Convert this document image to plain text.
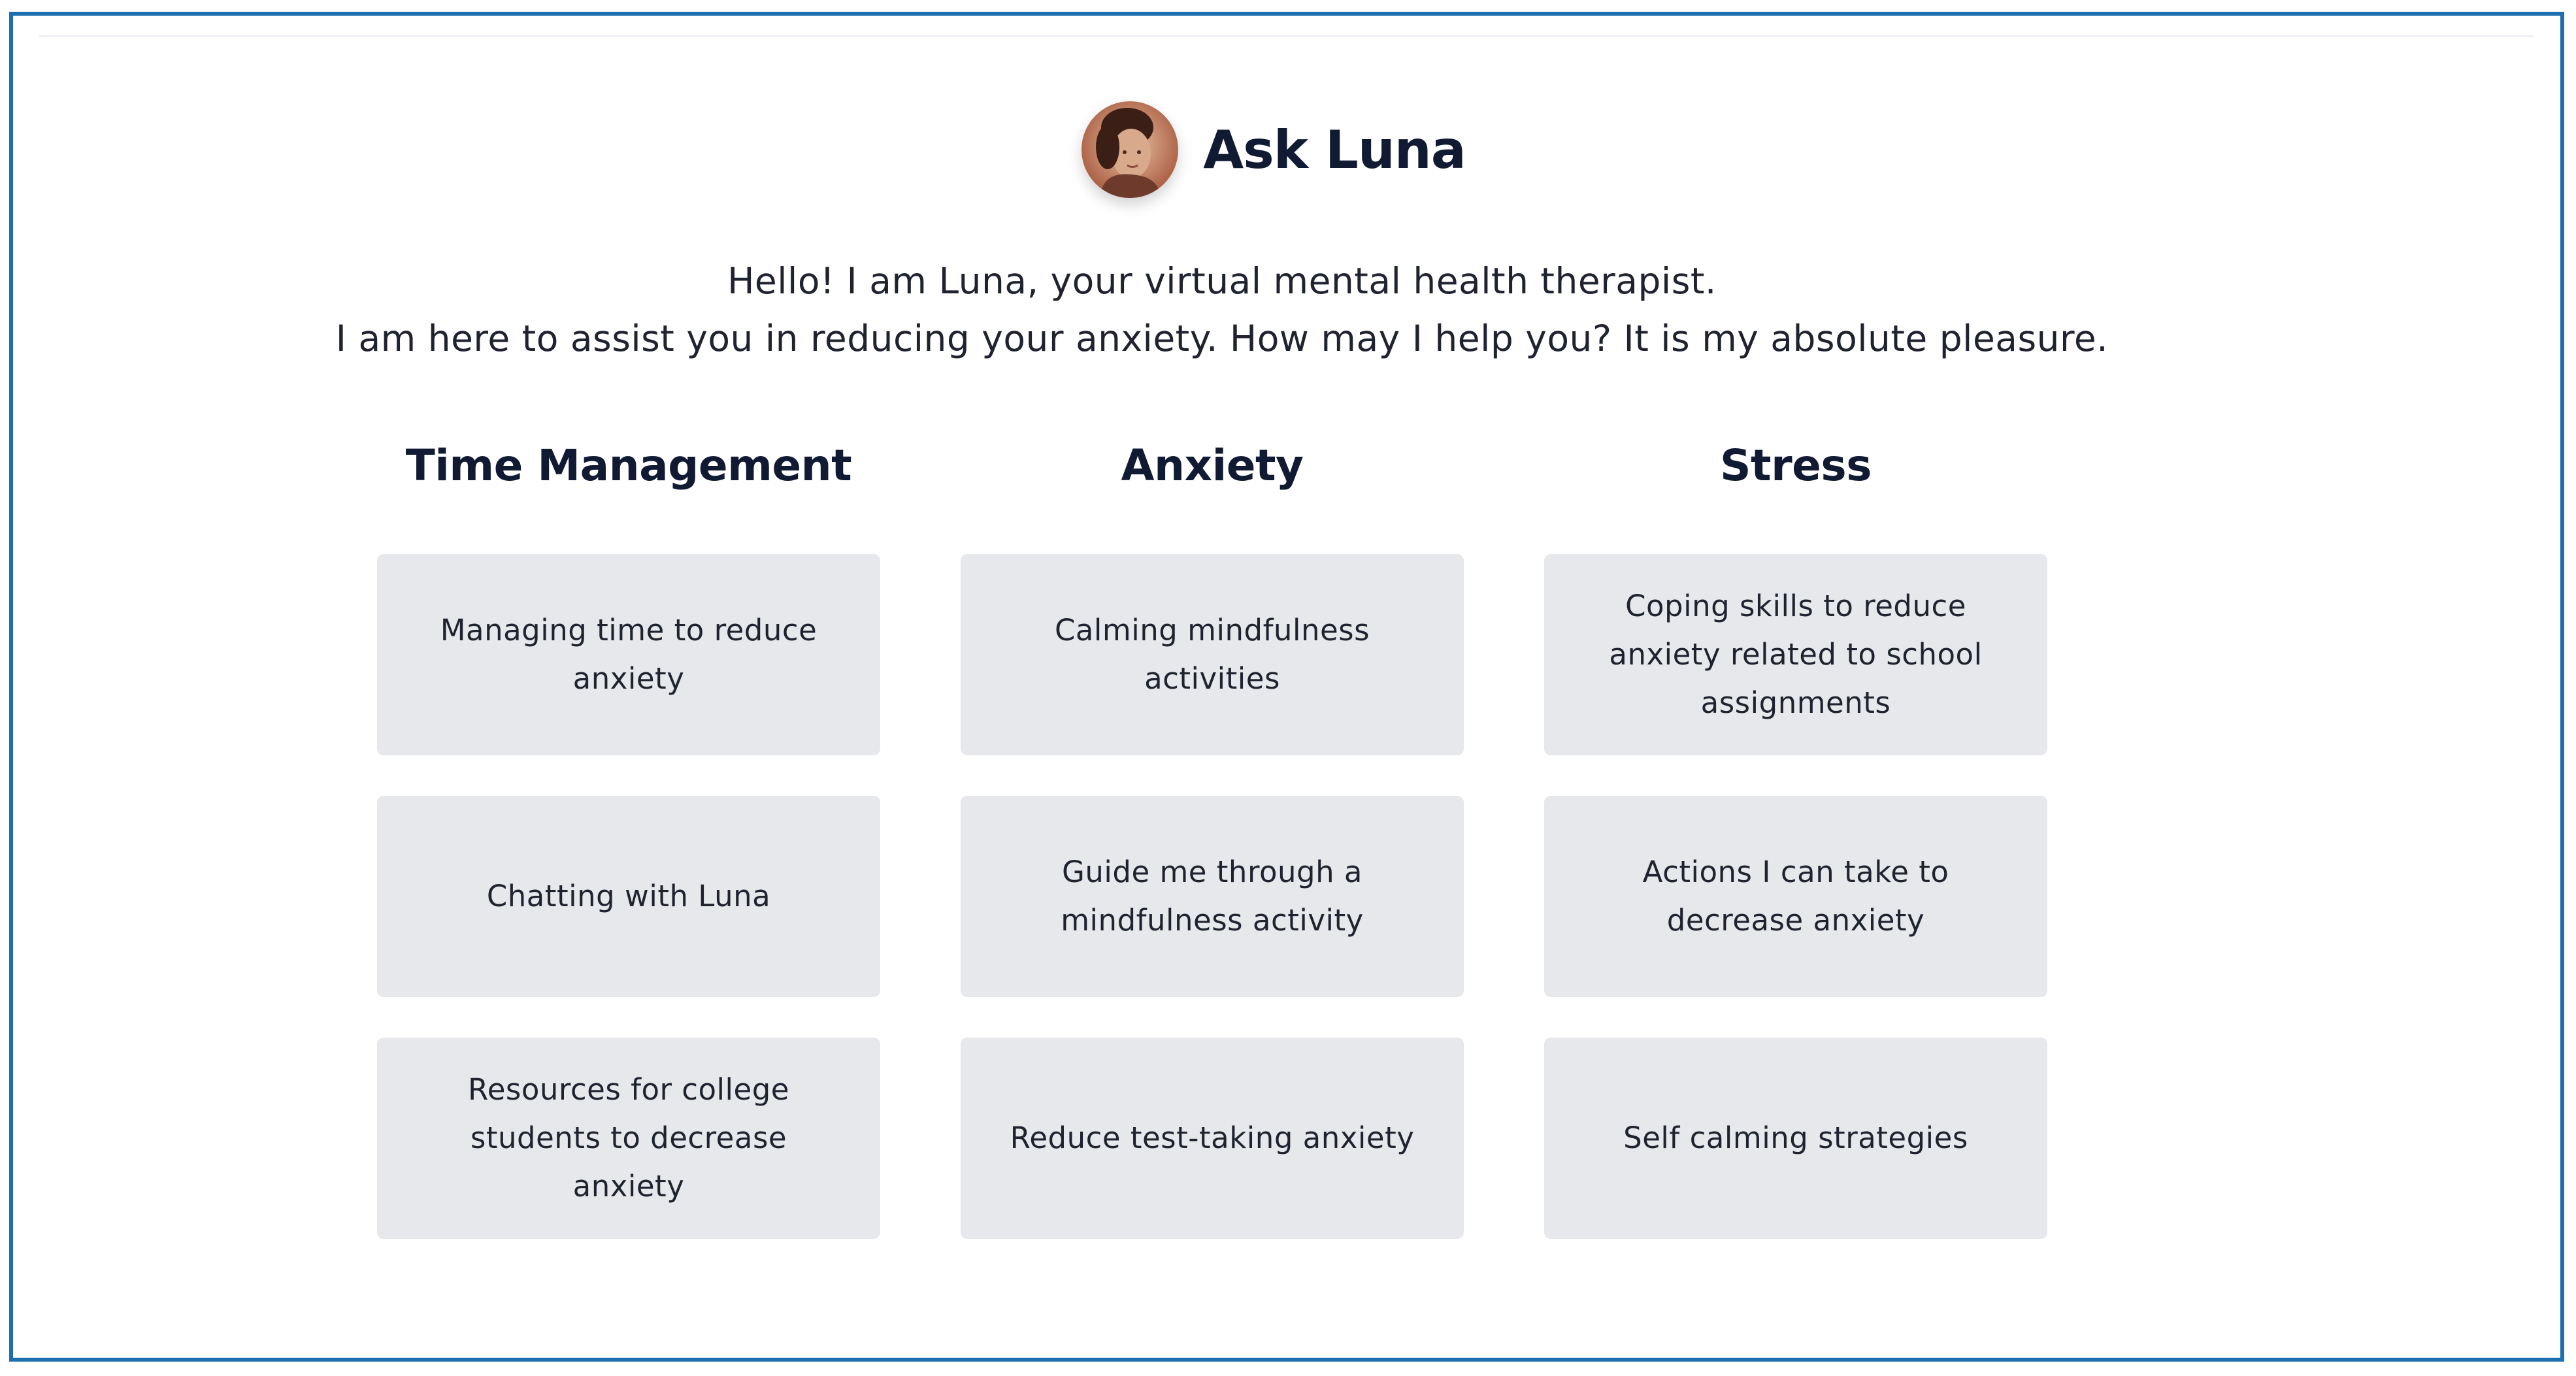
Ask Luna
Hello! I am Luna, your virtual mental health therapist.
I am here to assist you in reducing your anxiety. How may I help you? It is my absolute pleasure.
Time Management	Anxiety	Stress
Managing time to reduce anxiety
Chatting with Luna
Resources for college students to decrease anxiety
Calming mindfulness activities
Guide me through a mindfulness activity
Reduce test-taking anxiety
Coping skills to reduce anxiety related to school assignments
Actions I can take to decrease anxiety
Self calming strategies
